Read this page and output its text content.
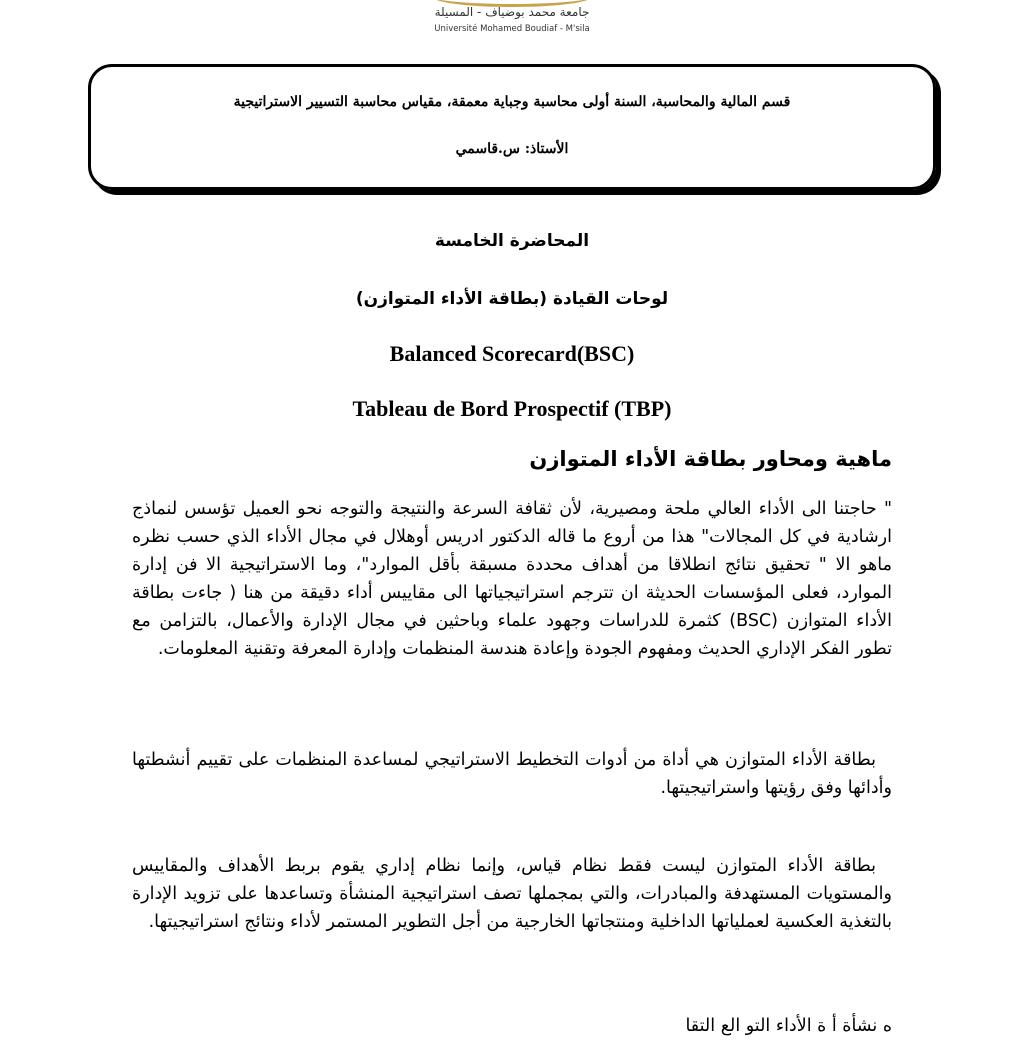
جامعة محمد بوضياف - المسيلة
Université Mohamed Boudiaf - M'sila
قسم المالية والمحاسبة، السنة أولى محاسبة وجباية معمقة، مقياس محاسبة التسيير الاستراتيجية
الأستاذ: س.قاسمي
المحاضرة الخامسة
لوحات القيادة (بطاقة الأداء المتوازن)
Balanced Scorecard(BSC)
Tableau de Bord Prospectif (TBP)
ماهية ومحاور بطاقة الأداء المتوازن

" حاجتنا الى الأداء العالي ملحة ومصيرية، لأن ثقافة السرعة والنتيجة والتوجه نحو العميل تؤسس لنماذج ارشادية في كل المجالات" هذا من أروع ما قاله الدكتور ادريس أوهلال في مجال الأداء الذي حسب نظره ماهو الا " تحقيق نتائج انطلاقا من أهداف محددة مسبقة بأقل الموارد"، وما الاستراتيجية الا فن إدارة الموارد، فعلى المؤسسات الحديثة ان تترجم استراتيجياتها الى مقاييس أداء دقيقة من هنا ( جاءت بطاقة الأداء المتوازن (BSC) كثمرة للدراسات وجهود علماء وباحثين في مجال الإدارة والأعمال، بالتزامن مع تطور الفكر الإداري الحديث ومفهوم الجودة وإعادة هندسة المنظمات وإدارة المعرفة وتقنية المعلومات.

بطاقة الأداء المتوازن هي أداة من أدوات التخطيط الاستراتيجي لمساعدة المنظمات على تقييم أنشطتها وأدائها وفق رؤيتها واستراتيجيتها.

بطاقة الأداء المتوازن ليست فقط نظام قياس، وإنما نظام إداري يقوم بربط الأهداف والمقاييس والمستويات المستهدفة والمبادرات، والتي بمجملها تصف استراتيجية المنشأة وتساعدها على تزويد الإدارة بالتغذية العكسية لعملياتها الداخلية ومنتجاتها الخارجية من أجل التطوير المستمر لأداء ونتائج استراتيجيتها.

ه نشأة أ ة الأداء التو الع التقا
